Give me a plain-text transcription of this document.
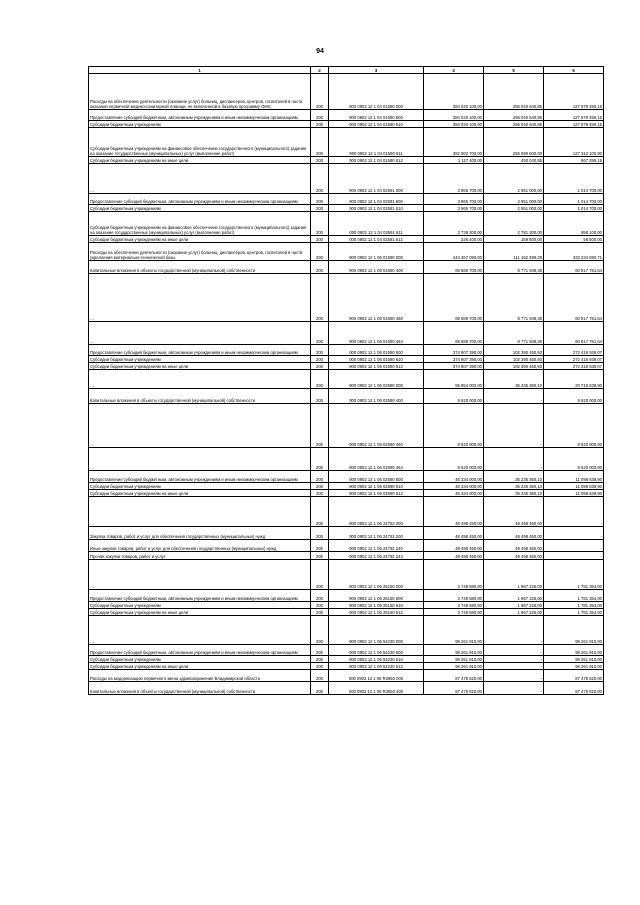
94
1	2	3	4	5	6
Расходы на обеспечение деятельности (оказание услуг) больниц, диспансеров, центров, госпиталей в части оказания первичной медико-санитарной помощи, не включенной в базовую программу ОМС	200	000 0902 12 1 04 01590 000	384 020 100,00	256 040 640,85	127 979 459,15
Предоставление субсидий бюджетным, автономным учреждениям и иным некоммерческим организациям	200	000 0902 12 1 04 01590 600	384 020 100,00	256 040 640,85	127 979 459,15
Субсидии бюджетным учреждениям	200	000 0902 12 1 04 01590 610	384 020 100,00	256 040 640,85	127 979 459,15
Субсидии бюджетным учреждениям на финансовое обеспечение государственного (муниципального) задания на оказание государственных (муниципальных) услуг (выполнение работ)	200	000 0902 12 1 04 01590 611	382 902 700,00	255 590 600,00	127 312 100,00
Субсидии бюджетным учреждениям на иные цели	200	000 0902 12 1 04 01590 612	1 117 400,00	450 040,85	667 359,15
…	200	000 0902 12 1 04 02591 000	3 965 700,00	2 951 000,00	1 014 700,00
Предоставление субсидий бюджетным, автономным учреждениям и иным некоммерческим организациям	200	000 0902 12 1 04 02591 600	3 965 700,00	2 951 000,00	1 014 700,00
Субсидии бюджетным учреждениям	200	000 0902 12 1 04 02591 610	3 965 700,00	2 951 000,00	1 014 700,00
Субсидии бюджетным учреждениям на финансовое обеспечение государственного (муниципального) задания на оказание государственных (муниципальных) услуг (выполнение работ)	200	000 0902 12 1 04 02591 611	3 739 300,00	2 781 200,00	958 100,00
Субсидии бюджетным учреждениям на иные цели	200	000 0902 12 1 04 02591 612	226 400,00	169 800,00	56 600,00
Расходы на обеспечение деятельности (оказание услуг) больниц, диспансеров, центров, госпиталей в части укрепления материально-технической базы	200	000 0902 12 1 06 01590 000	444 367 090,00	111 162 399,29	333 234 690,71
Капитальные вложения в объекты государственной (муниципальной) собственности	200	000 0902 12 1 06 01590 400	69 569 700,00	8 771 948,36	60 817 751,64
…	200	000 0902 12 1 06 01590 460	69 589 700,00	8 771 948,36	60 817 751,64
…	200	000 0902 12 1 06 01590 464	69 589 700,00	8 771 948,36	60 817 751,64
Предоставление субсидий бюджетным, автономным учреждениям и иным некоммерческим организациям	200	000 0902 12 1 06 01590 600	374 807 390,00	102 390 450,93	272 416 939,07
Субсидии бюджетным учреждениям	200	000 0902 12 1 06 01590 610	374 807 390,00	102 390 450,93	272 416 939,07
Субсидии бюджетным учреждениям на иные цели	200	000 0902 12 1 06 01590 612	374 807 390,00	102 390 450,93	272 416 939,07
…	200	000 0902 12 1 06 02590 000	55 954 000,00	35 235 360,10	20 718 639,90
Капитальные вложения в объекты государственной (муниципальной) собственности	200	000 0902 12 1 06 02590 400	9 620 000,00	-	9 620 000,00
…	200	000 0902 12 1 06 02590 460	9 620 000,00	-	9 620 000,00
…	200	000 0902 12 1 06 02590 464	9 620 000,00	-	9 620 000,00
Предоставление субсидий бюджетным, автономным учреждениям и иным некоммерческим организациям	200	000 0902 12 1 06 02590 600	46 334 000,00	35 235 360,10	11 098 639,90
Субсидии бюджетным учреждениям	200	000 0902 12 1 06 02590 610	46 334 000,00	35 235 360,10	11 098 639,90
Субсидии бюджетным учреждениям на иные цели	200	000 0902 12 1 06 02590 612	46 334 000,00	35 235 360,10	11 098 639,90
…	200	000 0902 12 1 06 24752 000	48 498 450,00	48 498 450,00	-
Закупка товаров, работ и услуг для обеспечения государственных (муниципальных) нужд	200	000 0902 12 1 06 24752 200	48 498 450,00	48 498 450,00	-
Иные закупки товаров, работ и услуг для обеспечения государственных (муниципальных) нужд	200	000 0902 12 1 06 24752 240	48 498 450,00	48 498 450,00	-
Прочая закупка товаров, работ и услуг	200	000 0902 12 1 06 24752 244	48 498 450,00	48 498 450,00	-
…	200	000 0902 12 1 06 25150 000	3 748 580,00	1 967 226,00	1 781 354,00
Предоставление субсидий бюджетным, автономным учреждениям и иным некоммерческим организациям	200	000 0902 12 1 06 25150 600	3 748 580,00	1 967 226,00	1 781 354,00
Субсидии бюджетным учреждениям	200	000 0902 12 1 06 25150 610	3 748 580,00	1 967 226,00	1 781 354,00
Субсидии бюджетным учреждениям на иные цели	200	000 0902 12 1 06 25150 612	3 748 580,00	1 967 226,00	1 781 354,00
…	200	000 0902 12 1 06 54230 000	98 261 910,00	-	98 261 910,00
Предоставление субсидий бюджетным, автономным учреждениям и иным некоммерческим организациям	200	000 0902 12 1 06 54230 600	98 261 910,00	-	98 261 910,00
Субсидии бюджетным учреждениям	200	000 0902 12 1 06 54230 610	98 261 910,00	-	98 261 910,00
Субсидии бюджетным учреждениям на иные цели	200	000 0902 12 1 06 54230 612	98 261 910,00	-	98 261 910,00
Расходы на модернизацию первичного звена здравоохранения Владимирской области	200	000 0902 12 1 06 R3650 000	87 475 620,00	-	87 475 620,00
Капитальные вложения в объекты государственной (муниципальной) собственности	200	000 0902 12 1 06 R3650 400	87 475 620,00	-	87 475 620,00
